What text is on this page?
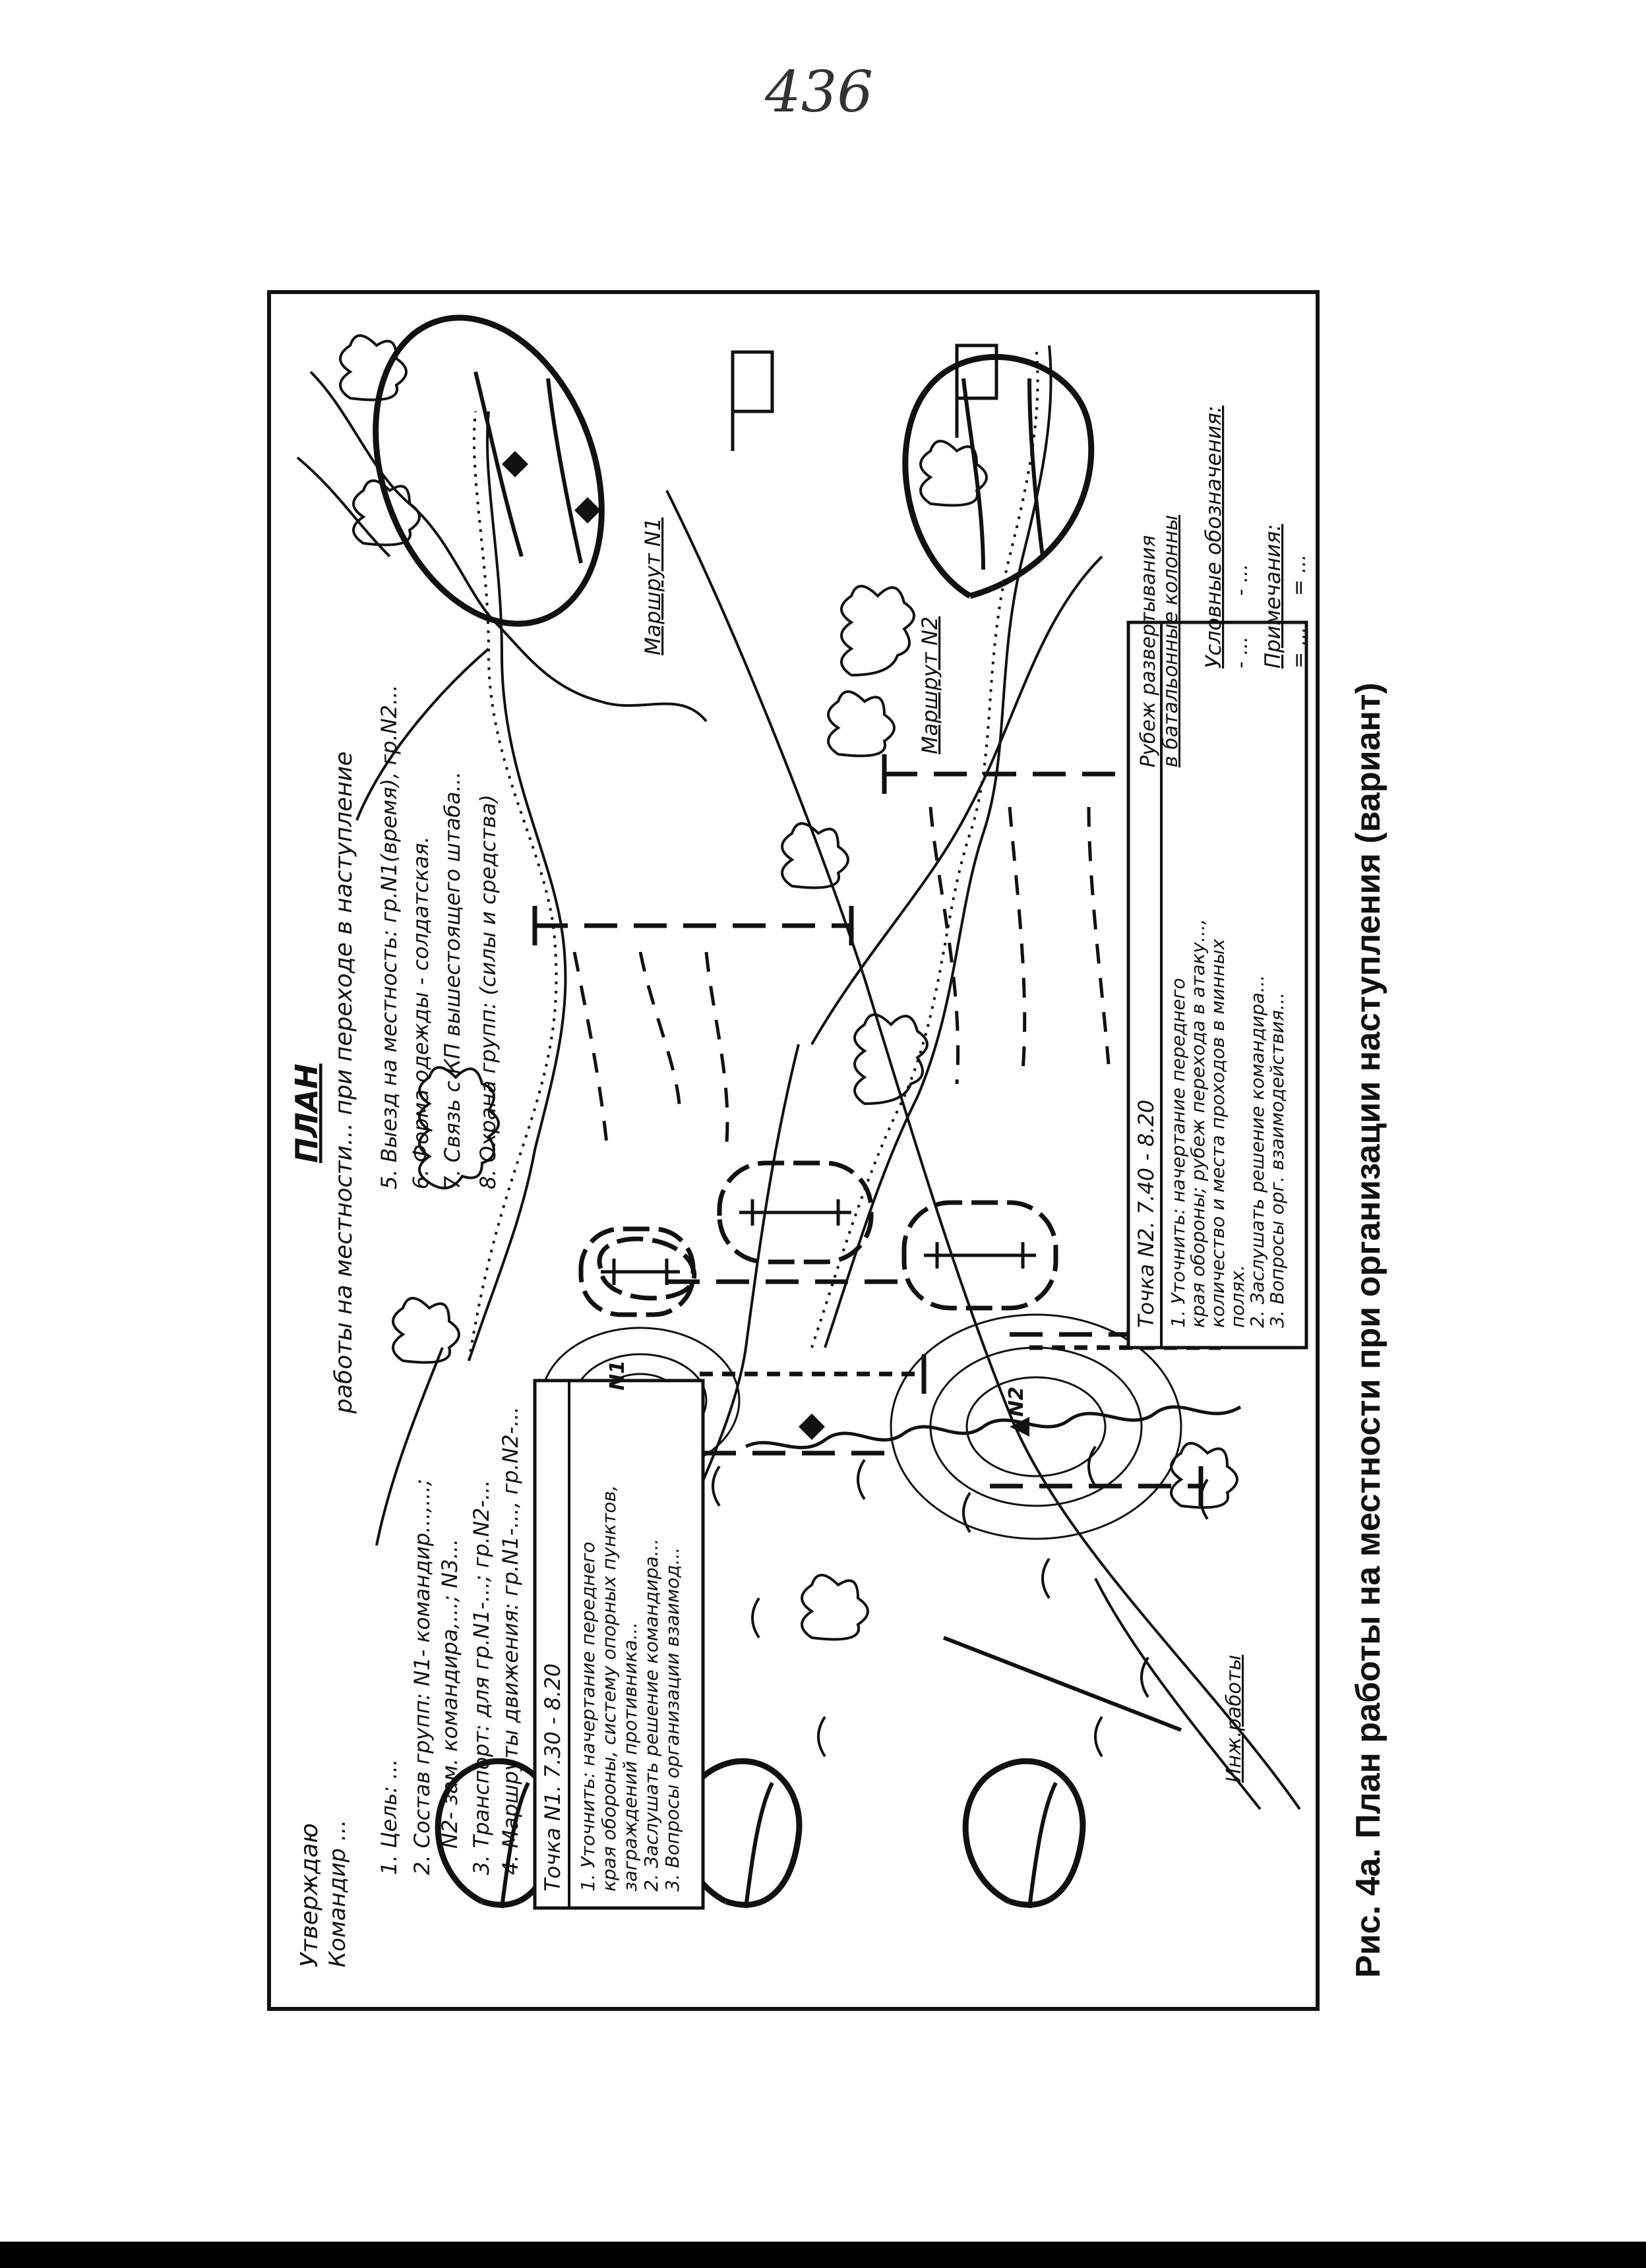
436
Утверждаю Командир ...
ПЛАН работы на местности... при переходе в наступление
1. Цель: ... 2. Состав групп: N1- командир...,...; N2- зам. командира,...; N3... 3. Транспорт: для гр.N1-...; гр.N2-... 4. Маршруты движения: гр.N1-..., гр.N2-...
5. Выезд на местность: гр.N1(время), гр.N2... 6. Форма одежды - солдатская. 7. Связь с КП вышестоящего штаба... 8. Охрана групп: (силы и средства)
Точка N1. 7.30 - 8.20 1. Уточнить: начертание переднего края обороны, систему опорных пунктов, заграждений противника... 2. Заслушать решение командира... 3. Вопросы организации взаимод...
Точка N2. 7.40 - 8.20 1. Уточнить: начертание переднего
края обороны; рубеж перехода в атаку...,
количество и места проходов в минных
полях.
2. Заслушать решение командира...
3. Вопросы орг. взаимодействия...
Маршрут N1
Маршрут N2	Рубеж развертывания в батальонные колонны Условные обозначения: - ...
- ... Примечания: = ...
= ...
Инж.работы
N1
N2	Рис. 4а. План работы на местности при организации наступления (вариант)
